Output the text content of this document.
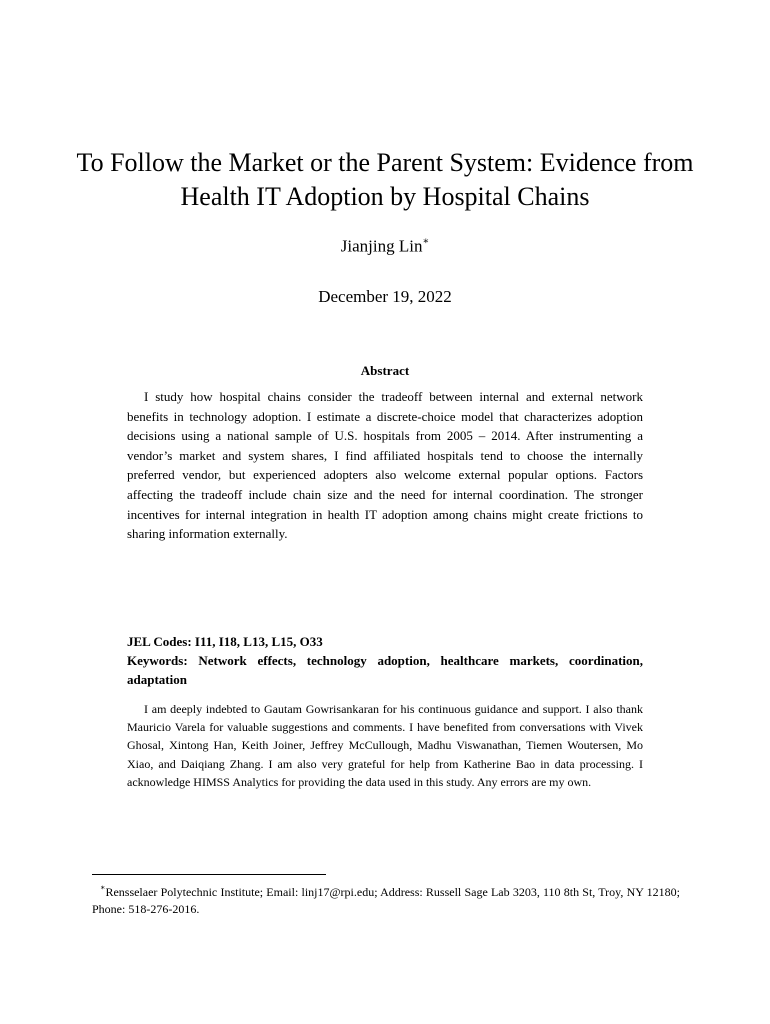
To Follow the Market or the Parent System: Evidence from Health IT Adoption by Hospital Chains
Jianjing Lin∗
December 19, 2022
Abstract

I study how hospital chains consider the tradeoff between internal and external network benefits in technology adoption. I estimate a discrete-choice model that characterizes adoption decisions using a national sample of U.S. hospitals from 2005 – 2014. After instrumenting a vendor’s market and system shares, I find affiliated hospitals tend to choose the internally preferred vendor, but experienced adopters also welcome external popular options. Factors affecting the tradeoff include chain size and the need for internal coordination. The stronger incentives for internal integration in health IT adoption among chains might create frictions to sharing information externally.

JEL Codes: I11, I18, L13, L15, O33
Keywords: Network effects, technology adoption, healthcare markets, coordination, adaptation

I am deeply indebted to Gautam Gowrisankaran for his continuous guidance and support. I also thank Mauricio Varela for valuable suggestions and comments. I have benefited from conversations with Vivek Ghosal, Xintong Han, Keith Joiner, Jeffrey McCullough, Madhu Viswanathan, Tiemen Woutersen, Mo Xiao, and Daiqiang Zhang. I am also very grateful for help from Katherine Bao in data processing. I acknowledge HIMSS Analytics for providing the data used in this study. Any errors are my own.

∗Rensselaer Polytechnic Institute; Email: linj17@rpi.edu; Address: Russell Sage Lab 3203, 110 8th St, Troy, NY 12180; Phone: 518-276-2016.
